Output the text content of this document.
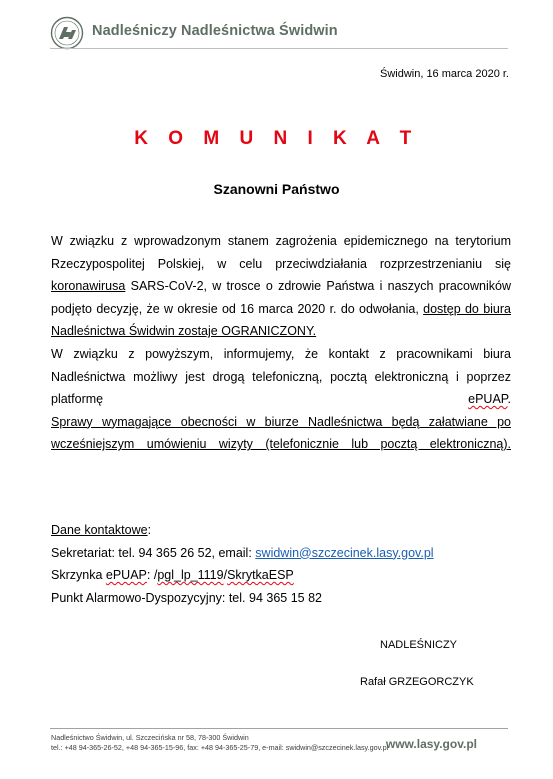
Nadleśniczy Nadleśnictwa Świdwin
Świdwin, 16 marca 2020 r.
K O M U N I K A T
Szanowni Państwo

W związku z wprowadzonym stanem zagrożenia epidemicznego na terytorium Rzeczypospolitej Polskiej, w celu przeciwdziałania rozprzestrzenianiu się koronawirusa SARS-CoV-2, w trosce o zdrowie Państwa i naszych pracowników podjęto decyzję, że w okresie od 16 marca 2020 r. do odwołania, dostęp do biura Nadleśnictwa Świdwin zostaje OGRANICZONY.

W związku z powyższym, informujemy, że kontakt z pracownikami biura Nadleśnictwa możliwy jest drogą telefoniczną, pocztą elektroniczną i poprzez platformę ePUAP.

Sprawy wymagające obecności w biurze Nadleśnictwa będą załatwiane po wcześniejszym umówieniu wizyty (telefonicznie lub pocztą elektroniczną).

Dane kontaktowe:
Sekretariat: tel. 94 365 26 52, email: swidwin@szczecinek.lasy.gov.pl
Skrzynka ePUAP: /pgl_lp_1119/SkrytkaESP
Punkt Alarmowo-Dyspozycyjny: tel. 94 365 15 82
NADLEŚNICZY
Rafał GRZEGORCZYK
Nadleśnictwo Świdwin, ul. Szczecińska nr 58, 78-300 Świdwin
tel.: +48 94-365-26-52, +48 94-365-15-96, fax: +48 94-365-25-79, e-mail: swidwin@szczecinek.lasy.gov.pl
www.lasy.gov.pl
